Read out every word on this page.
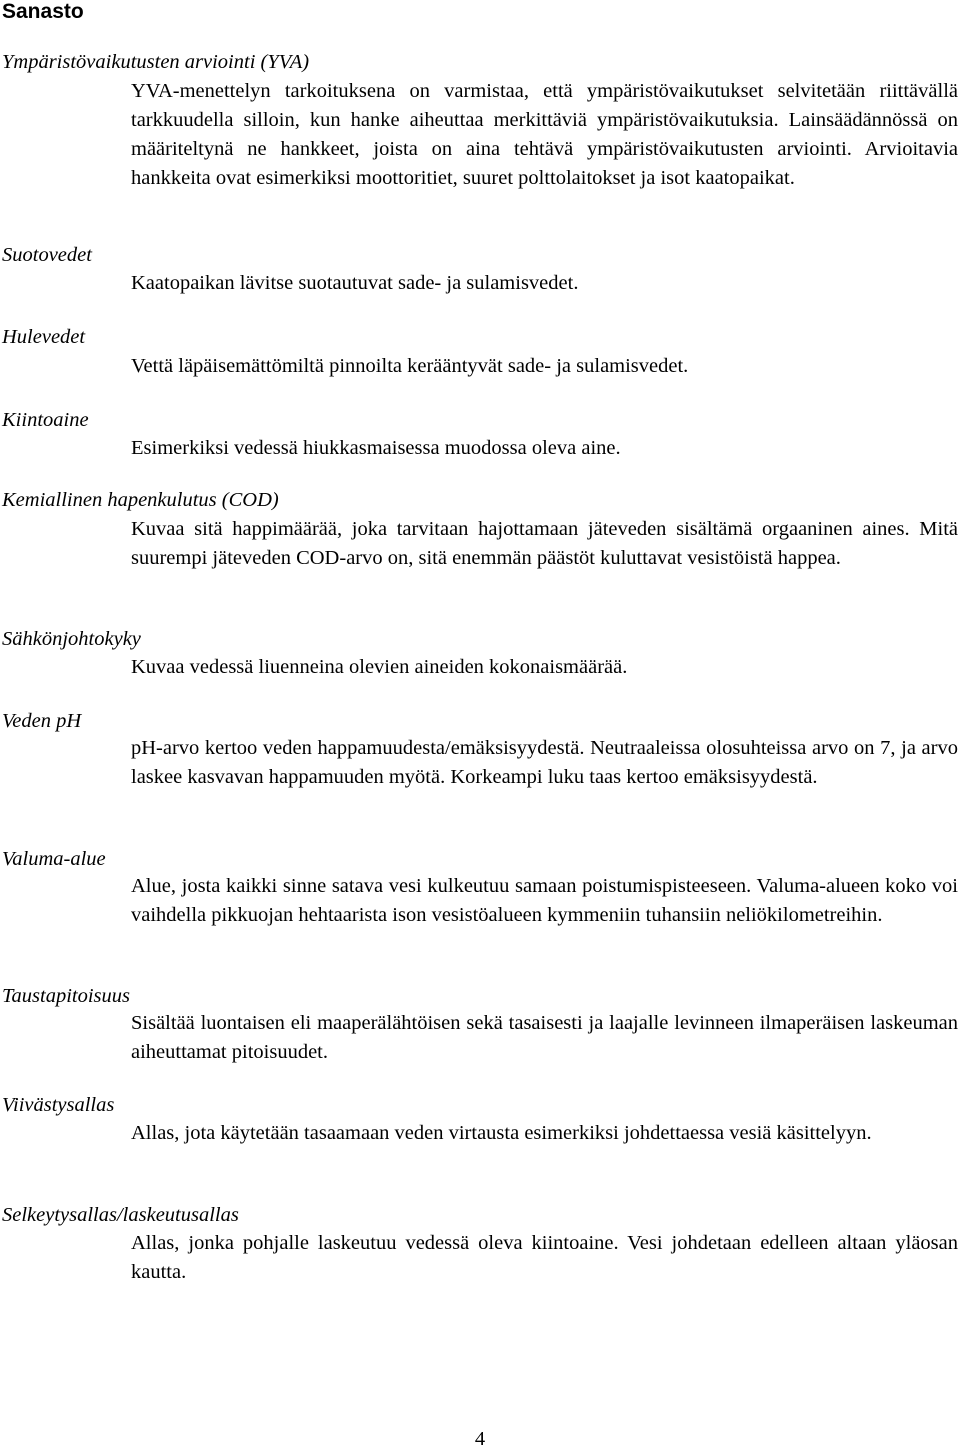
Sanasto

Ympäristövaikutusten arviointi (YVA)

YVA-menettelyn tarkoituksena on varmistaa, että ympäristövaikutukset selvitetään riittävällä tarkkuudella silloin, kun hanke aiheuttaa merkittäviä ympäristövaikutuksia. Lainsäädännössä on määriteltynä ne hankkeet, joista on aina tehtävä ympäristövaikutusten arviointi. Arvioitavia hankkeita ovat esimerkiksi moottoritiet, suuret polttolaitokset ja isot kaatopaikat.

Suotovedet

Kaatopaikan lävitse suotautuvat sade- ja sulamisvedet.

Hulevedet

Vettä läpäisemättömiltä pinnoilta kerääntyvät sade- ja sulamisvedet.

Kiintoaine

Esimerkiksi vedessä hiukkasmaisessa muodossa oleva aine.

Kemiallinen hapenkulutus (COD)

Kuvaa sitä happimäärää, joka tarvitaan hajottamaan jäteveden sisältämä orgaaninen aines. Mitä suurempi jäteveden COD-arvo on, sitä enemmän päästöt kuluttavat vesistöistä happea.

Sähkönjohtokyky

Kuvaa vedessä liuenneina olevien aineiden kokonaismäärää.

Veden pH

pH-arvo kertoo veden happamuudesta/emäksisyydestä. Neutraaleissa olosuhteissa arvo on 7, ja arvo laskee kasvavan happamuuden myötä. Korkeampi luku taas kertoo emäksisyydestä.

Valuma-alue

Alue, josta kaikki sinne satava vesi kulkeutuu samaan poistumispisteeseen. Valuma-alueen koko voi vaihdella pikkuojan hehtaarista ison vesistöalueen kymmeniin tuhansiin neliökilometreihin.

Taustapitoisuus

Sisältää luontaisen eli maaperälähtöisen sekä tasaisesti ja laajalle levinneen ilmaperäisen laskeuman aiheuttamat pitoisuudet.

Viivästysallas

Allas, jota käytetään tasaamaan veden virtausta esimerkiksi johdettaessa vesiä käsittelyyn.

Selkeytysallas/laskeutusallas

Allas, jonka pohjalle laskeutuu vedessä oleva kiintoaine. Vesi johdetaan edelleen altaan yläosan kautta.

4
